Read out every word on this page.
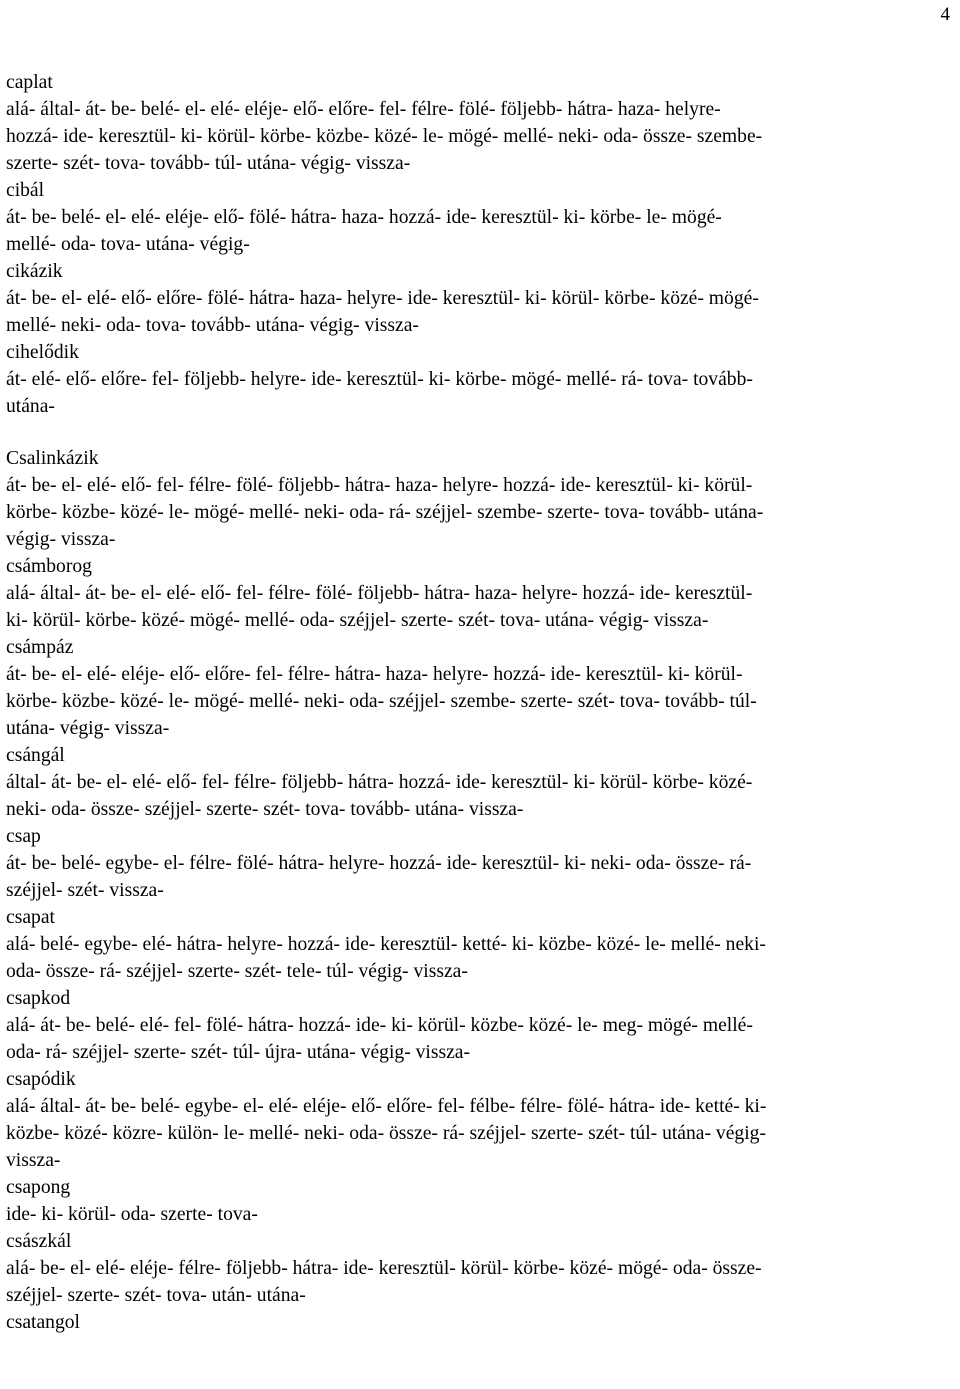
4
caplat
alá- által- át- be- belé- el- elé- eléje- elő- előre- fel- félre- fölé- följebb- hátra- haza- helyre-
hozzá- ide- keresztül- ki- körül- körbe- közbe- közé- le- mögé- mellé- neki- oda- össze- szembe-
szerte- szét- tova- tovább- túl- utána- végig- vissza-
cibál
át- be- belé- el- elé- eléje- elő- fölé- hátra- haza- hozzá- ide- keresztül- ki- körbe- le- mögé-
mellé- oda- tova- utána- végig-
cikázik
át- be- el- elé- elő- előre- fölé- hátra- haza- helyre- ide- keresztül- ki- körül- körbe- közé- mögé-
mellé- neki- oda- tova- tovább- utána- végig- vissza-
cihelődik
át- elé- elő- előre- fel- följebb- helyre- ide- keresztül- ki- körbe- mögé- mellé- rá- tova- tovább-
utána-
Csalinkázik
át- be- el- elé- elő- fel- félre- fölé- följebb- hátra- haza- helyre- hozzá- ide- keresztül- ki- körül-
körbe- közbe- közé- le- mögé- mellé- neki- oda- rá- széjjel- szembe- szerte- tova- tovább- utána-
végig- vissza-
csámborog
alá- által- át- be- el- elé- elő- fel- félre- fölé- följebb- hátra- haza- helyre- hozzá- ide- keresztül-
ki- körül- körbe- közé- mögé- mellé- oda- széjjel- szerte- szét- tova- utána- végig- vissza-
csámpáz
át- be- el- elé- eléje- elő- előre- fel- félre- hátra- haza- helyre- hozzá- ide- keresztül- ki- körül-
körbe- közbe- közé- le- mögé- mellé- neki- oda- széjjel- szembe- szerte- szét- tova- tovább- túl-
utána- végig- vissza-
csángál
által- át- be- el- elé- elő- fel- félre- följebb- hátra- hozzá- ide- keresztül- ki- körül- körbe- közé-
neki- oda- össze- széjjel- szerte- szét- tova- tovább- utána- vissza-
csap
át- be- belé- egybe- el- félre- fölé- hátra- helyre- hozzá- ide- keresztül- ki- neki- oda- össze- rá-
széjjel- szét- vissza-
csapat
alá- belé- egybe- elé- hátra- helyre- hozzá- ide- keresztül- ketté- ki- közbe- közé- le- mellé- neki-
oda- össze- rá- széjjel- szerte- szét- tele- túl- végig- vissza-
csapkod
alá- át- be- belé- elé- fel- fölé- hátra- hozzá- ide- ki- körül- közbe- közé- le- meg- mögé- mellé-
oda- rá- széjjel- szerte- szét- túl- újra- utána- végig- vissza-
csapódik
alá- által- át- be- belé- egybe- el- elé- eléje- elő- előre- fel- félbe- félre- fölé- hátra- ide- ketté- ki-
közbe- közé- közre- külön- le- mellé- neki- oda- össze- rá- széjjel- szerte- szét- túl- utána- végig-
vissza-
csapong
ide- ki- körül- oda- szerte- tova-
császkál
alá- be- el- elé- eléje- félre- följebb- hátra- ide- keresztül- körül- körbe- közé- mögé- oda- össze-
széjjel- szerte- szét- tova- után- utána-
csatangol
